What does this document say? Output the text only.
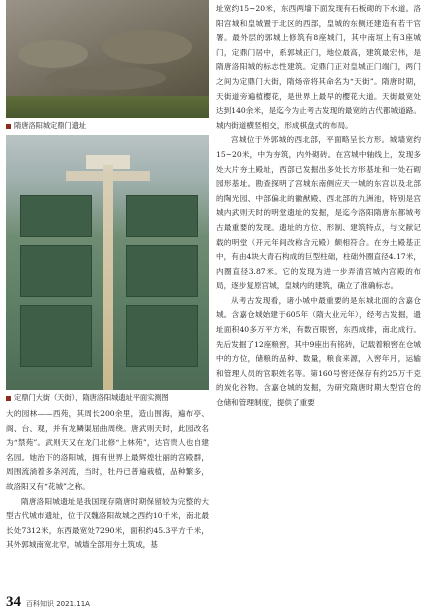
隋唐洛阳城定鼎门遗址
定鼎门大街（天街），隋唐洛阳城遗址平面实测图

大的园林——西苑，其周长200余里，造山围海，遍布亭、阁、台、观，并有龙鳞渠屈曲周绕。唐武则天时，此园改名为“禁苑”。武则天又在龙门北修“上林苑”，达官贵人也自建名园。她治下的洛阳城，拥有世界上最辉煌壮丽的宫殿群，周围流淌着多条河流，当时，牡丹已普遍栽植，品种繁多，故洛阳又有“花城”之称。

隋唐洛阳城遗址是我国现存隋唐时期保留较为完整的大型古代城市遗址，位于汉魏洛阳故城之西约10千米，南北最长处7312米，东西最宽处7290米，面积约45.3平方千米，其外郭城南宽北窄，城墙全部用夯土筑成，基

址宽约15~20米，东西两墙下面发现有石板砌的下水道。洛阳宫城和皇城置于北区的西部，皇城的东侧还建造有若干官署。最外层的郭城上修筑有8座城门，其中南垣上有3座城门，定鼎门居中，系郭城正门，地位最高，建筑最宏伟，是隋唐洛阳城的标志性建筑。定鼎门正对皇城正门端门，两门之间为定鼎门大街，隋炀帝将其命名为“天街”。隋唐时期，天街道旁遍植樱花，是世界上最早的樱花大道。天街最宽处达到140余米，是迄今为止考古发现的最宽的古代都城道路。城内街道横竖相交，形成棋盘式的布局。

宫城位于外郭城的西北部，平面略呈长方形。城墙宽约15~20米，中为夯筑，内外砌砖。在宫城中轴线上，发现多处大片夯土殿址，西部已发掘出多处长方形基址和一处石砌园形基址。勘查探明了宫城东南侧应天一城的东宫以及北部的陶光园、中部偏北的徽猷殿、西北部的九洲池，特别是宫城内武则天时的明堂遗址的发掘，是迄今洛阳隋唐东都城考古最重要的发现。遗址的方位、形制、建筑特点，与文献记载的明堂（开元年间改称含元殿）颇相符合。在夯土殿基正中，有由4块大青石构成的巨型柱础，柱础外圈直径4.17米，内圈直径3.87米。它的发现为进一步弄清宫城内宫殿的布局，逐步复原宫城，皇城内的建筑，确立了准确标志。

从考古发现看，诸小城中最重要的是东城北面的含嘉仓城。含嘉仓城始建于605年（隋大业元年），经考古发掘，遗址面积40多万平方米，有数百眼窖，东西成排，南北成行。先后发掘了12座粮窖，其中9座出有铭砖，记载着粮窖在仓城中的方位，储粮的品种、数量，粮食来源，入窖年月，运输和管理人员的官职姓名等。第160号窖还保存有约25万千克的炭化谷物。含嘉仓城的发掘，为研究隋唐时期大型官仓的仓储和管理制度，提供了重要

34 百科知识 2021.11A
